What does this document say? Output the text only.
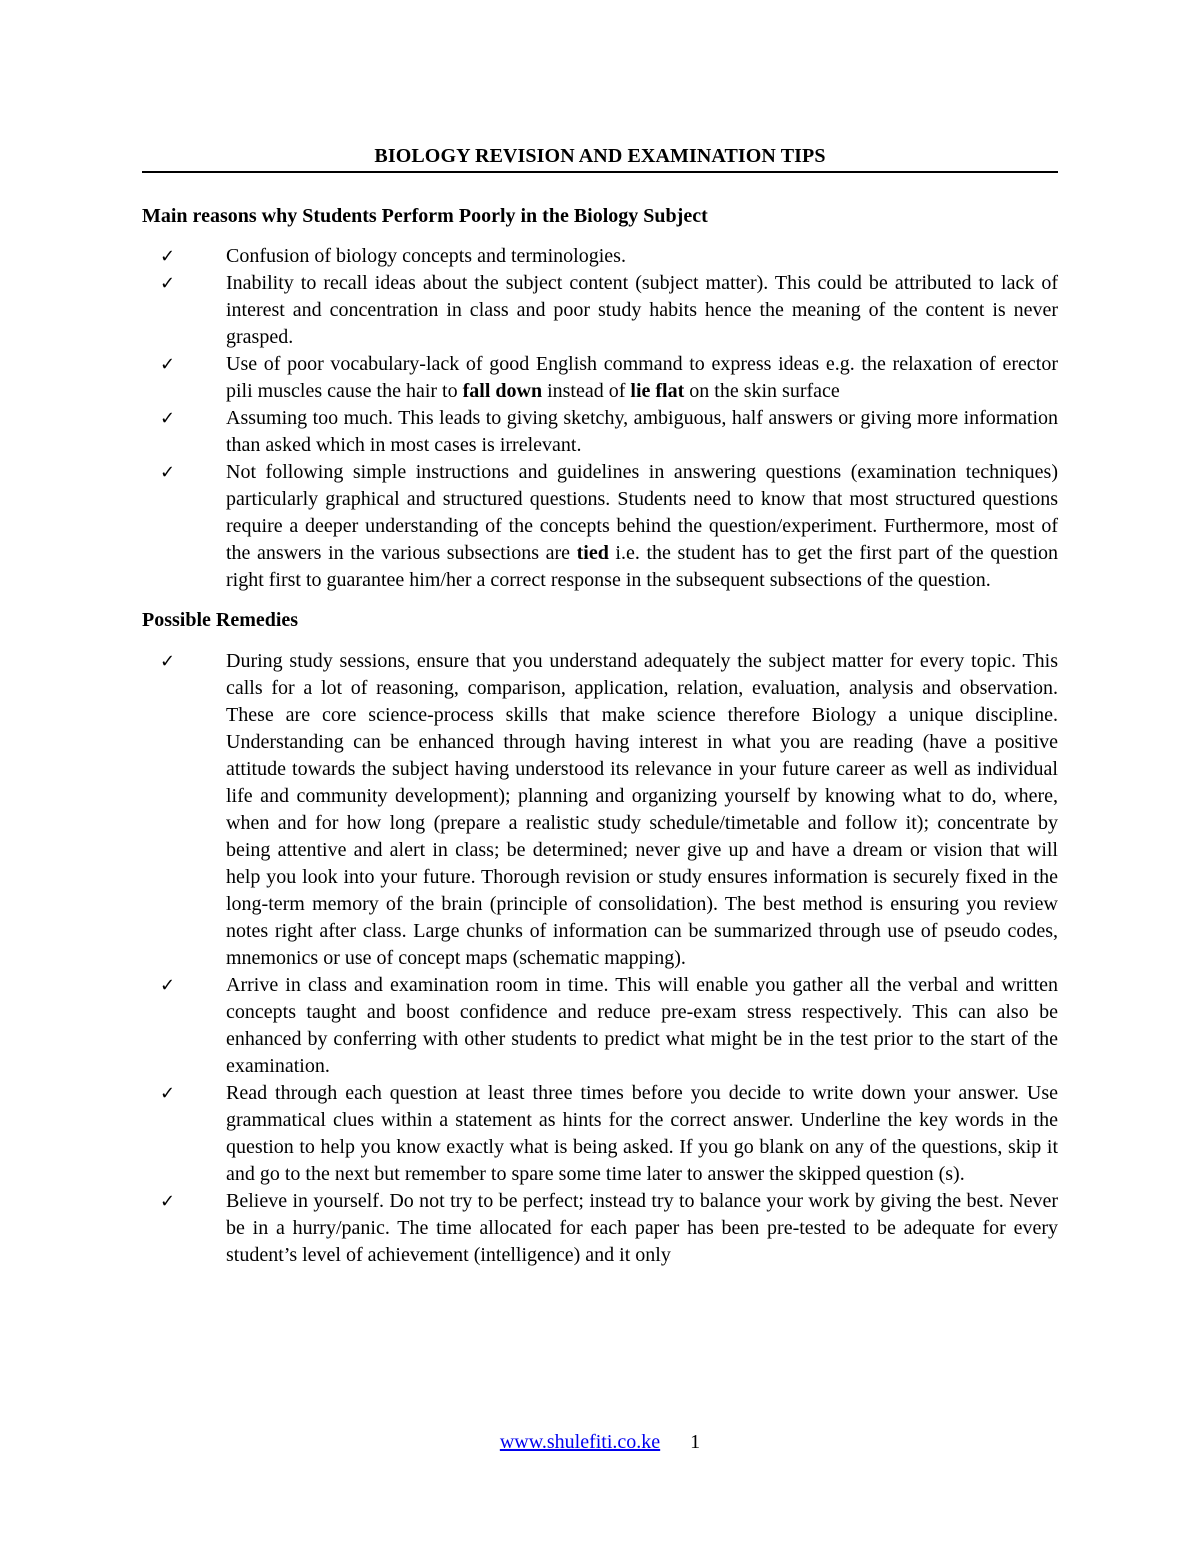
BIOLOGY REVISION AND EXAMINATION TIPS
Main reasons why Students Perform Poorly in the Biology Subject
✓	Confusion of biology concepts and terminologies.
✓	Inability to recall ideas about the subject content (subject matter). This could be attributed to lack of interest and concentration in class and poor study habits hence the meaning of the content is never grasped.
✓	Use of poor vocabulary-lack of good English command to express ideas e.g. the relaxation of erector pili muscles cause the hair to fall down instead of lie flat on the skin surface
✓	Assuming too much. This leads to giving sketchy, ambiguous, half answers or giving more information than asked which in most cases is irrelevant.
✓	Not following simple instructions and guidelines in answering questions (examination techniques) particularly graphical and structured questions. Students need to know that most structured questions require a deeper understanding of the concepts behind the question/experiment. Furthermore, most of the answers in the various subsections are tied i.e. the student has to get the first part of the question right first to guarantee him/her a correct response in the subsequent subsections of the question.
Possible Remedies
✓	During study sessions, ensure that you understand adequately the subject matter for every topic. This calls for a lot of reasoning, comparison, application, relation, evaluation, analysis and observation. These are core science-process skills that make science therefore Biology a unique discipline. Understanding can be enhanced through having interest in what you are reading (have a positive attitude towards the subject having understood its relevance in your future career as well as individual life and community development); planning and organizing yourself by knowing what to do, where, when and for how long (prepare a realistic study schedule/timetable and follow it); concentrate by being attentive and alert in class; be determined; never give up and have a dream or vision that will help you look into your future. Thorough revision or study ensures information is securely fixed in the long-term memory of the brain (principle of consolidation). The best method is ensuring you review notes right after class. Large chunks of information can be summarized through use of pseudo codes, mnemonics or use of concept maps (schematic mapping).
✓	Arrive in class and examination room in time. This will enable you gather all the verbal and written concepts taught and boost confidence and reduce pre-exam stress respectively. This can also be enhanced by conferring with other students to predict what might be in the test prior to the start of the examination.
✓	Read through each question at least three times before you decide to write down your answer. Use grammatical clues within a statement as hints for the correct answer. Underline the key words in the question to help you know exactly what is being asked. If you go blank on any of the questions, skip it and go to the next but remember to spare some time later to answer the skipped question (s).
✓	Believe in yourself. Do not try to be perfect; instead try to balance your work by giving the best. Never be in a hurry/panic. The time allocated for each paper has been pre-tested to be adequate for every student’s level of achievement (intelligence) and it only
www.shulefiti.co.ke 1
